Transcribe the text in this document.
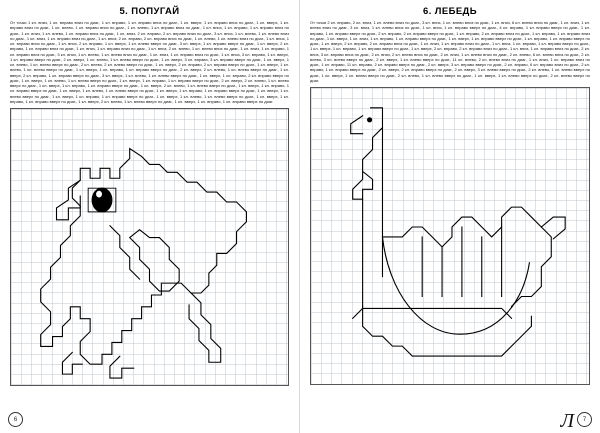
5. ПОПУГАЙ

От точки 1 кл. вниз, 1 кл. вправо вниз по диаг., 1 кл. вправо, 1 кл. вправо вниз по диаг., 1 кл. вверх, 1 кл. вправо вниз по диаг., 1 кл. вверх, 1 кл. вправо вниз по диаг., 1 кл. влево, 1 кл. вправо вниз по диаг., 1 кл. влево, 1 кл. вправо вниз по диаг., 1 кл. вниз, 1 кл. вправо, 1 кл. вправо вниз по диаг., 1 кл. вниз, 1 кл. влево, 1 кл. вправо вниз по диаг., 1 кл. вниз, 2 кл. вправо, 2 кл. вправо вниз по диаг., 3 кл. вниз, 1 кл. влево, 1 кл. влево вниз по диаг., 1 кл. вниз, 1 кл. вправо вниз по диаг., 1 кл. вниз, 2 кл. вправо, 2 кл. вправо вниз по диаг., 1 кл. влево, 1 кл. влево вниз по диаг., 1 кл. вниз, 1 кл. вправо вниз по диаг., 1 кл. вниз, 2 кл. вправо, 1 кл. вверх, 1 кл. влево вверх по диаг., 3 кл. вверх, 1 кл. вправо вверх по диаг., 1 кл. вверх, 2 кл. вправо, 1 кл. вправо вниз по диаг., 1 кл. вниз, 1 кл. вправо вниз по диаг., 1 кл. вниз, 2 кл. влево, 1 кл. влево вниз по диаг., 1 кл. вниз, 1 кл. вправо, 1 кл. вправо вниз по диаг., 3 кл. вниз, 1 кл. влево, 1 кл. влево вниз по диаг., 1 кл. вниз, 1 кл. вправо вниз по диаг., 1 кл. вниз, 3 кл. вправо, 1 кл. вверх, 1 кл. вправо вверх по диаг., 2 кл. вверх, 1 кл. влево, 1 кл. влево вверх по диаг., 1 кл. вверх, 3 кл. вправо, 3 кл. вправо вверх по диаг., 1 кл. вверх, 1 кл. влево, 1 кл. влево вверх по диаг., 2 кл. влево, 2 кл. влево вверх по диаг., 1 кл. вверх, 2 кл. вправо, 2 кл. вправо вверх по диаг., 1 кл. вверх, 1 кл. влево, 1 кл. влево вверх по диаг., 1 кл. вверх, 1 кл. вправо, 1 кл. вправо вверх по диаг., 2 кл. вверх, 2 кл. влево, 1 кл. влево вверх по диаг., 1 кл. вверх, 2 кл. вправо, 1 кл. вправо вверх по диаг., 3 кл. вверх, 1 кл. влево, 1 кл. влево вверх по диаг., 1 кл. вверх, 1 кл. вправо, 2 кл. вправо вверх по диаг., 1 кл. вверх, 1 кл. влево, 1 кл. влево вверх по диаг., 1 кл. вверх, 1 кл. вправо, 1 кл. вправо вверх по диаг., 2 кл. вверх, 2 кл. влево, 1 кл. влево вверх по диаг., 1 кл. вверх, 1 кл. вправо, 1 кл. вправо вверх по диаг., 1 кл. вверх, 2 кл. влево, 1 кл. влево вверх по диаг., 1 кл. вверх, 1 кл. вправо, 1 кл. вправо вверх по диаг., 1 кл. вверх, 1 кл. влево, 1 кл. влево вверх по диаг., 1 кл. вверх, 1 кл. вправо, 1 кл. вправо вверх по диаг., 1 кл. вверх, 1 кл. влево вверх по диаг., 1 кл. вверх, 1 кл. вправо, 1 кл. вправо вверх по диаг., 1 кл. вверх, 1 кл. влево, 1 кл. влево вверх по диаг., 1 кл. вверх, 1 кл. вправо, 1 кл. вправо вверх по диаг., 1 кл. вверх, 2 кл. влево, 1 кл. влево вверх по диаг., 1 кл. вверх, 1 кл. вправо, 1 кл. вправо вверх по диаг.

6
6. ЛЕБЕДЬ

От точки 2 кл. вправо, 2 кл. вниз, 1 кл. влево вниз по диаг., 3 кл. вниз, 1 кл. влево вниз по диаг., 1 кл. вниз, 6 кл. влево вниз по диаг., 1 кл. вниз, 1 кл. влево вниз по диаг., 3 кл. вниз, 1 кл. влево вниз по диаг., 1 кл. вниз, 1 кл. вправо вверх по диаг., 4 кл. вправо, 1 кл. вправо вверх по диаг., 1 кл. вправо, 1 кл. вправо вверх по диаг., 2 кл. вправо, 2 кл. вправо вверх по диаг., 1 кл. вправо, 2 кл. вправо вниз по диаг., 1 кл. вправо, 1 кл. вправо вниз по диаг., 1 кл. вверх, 1 кл. вниз, 1 кл. вправо, 1 кл. вправо вверх по диаг., 1 кл. вверх, 1 кл. вправо вверх по диаг., 1 кл. вправо, 1 кл. вправо вверх по диаг., 1 кл. вверх, 2 кл. вправо, 2 кл. вправо вниз по диаг., 1 кл. вниз, 1 кл. вправо вниз по диаг., 1 кл. вниз, 1 кл. вправо, 1 кл. вправо вверх по диаг., 1 кл. вверх, 1 кл. вправо, 1 кл. вправо вверх по диаг., 1 кл. вверх, 2 кл. вправо, 2 кл. вправо вниз по диаг., 1 кл. вниз, 1 кл. вправо вниз по диаг., 2 кл. вниз, 3 кл. вправо вниз по диаг., 2 кл. вниз, 2 кл. влево вниз по диаг., 2 кл. вниз, 1 кл. влево вниз по диаг., 2 кл. влево, 6 кл. влево вниз по диаг., 2 кл. влево, 3 кл. влево вверх по диаг., 2 кл. вверх, 1 кл. влево вверх по диаг., 11 кл. влево, 2 кл. влево вниз по диаг., 1 кл. вниз, 1 кл. вправо вниз по диаг., 1 кл. вправо, 11 кл. вправо, 2 кл. вправо вверх по диаг., 2 кл. вверх, 3 кл. вправо вверх по диаг., 2 кл. вправо, 6 кл. вправо вниз по диаг., 2 кл. вправо, 1 кл. вправо вверх по диаг., 2 кл. вверх, 2 кл. вправо вверх по диаг., 2 кл. вверх, 3 кл. влево вверх по диаг., 2 кл. влево, 1 кл. влево вверх по диаг., 1 кл. вверх, 1 кл. влево вверх по диаг., 2 кл. влево, 1 кл. влево вверх по диаг., 1 кл. вверх, 1 кл. влево вверх по диаг., 2 кл. влево вверх по диаг.

Л	7
